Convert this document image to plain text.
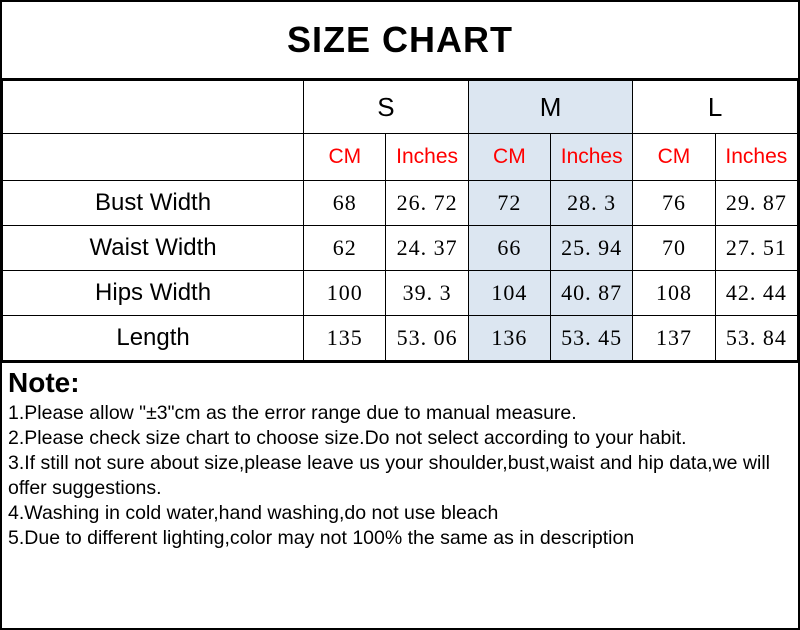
SIZE CHART
	S		M		L	
	CM	Inches	CM	Inches	CM	Inches
Bust Width	68	26. 72	72	28. 3	76	29. 87
Waist Width	62	24. 37	66	25. 94	70	27. 51
Hips Width	100	39. 3	104	40. 87	108	42. 44
Length	135	53. 06	136	53. 45	137	53. 84
Note:
1.Please allow "±3"cm as the error range due to manual measure.
2.Please check size chart to choose size.Do not select according to your habit.
3.If still not sure about size,please leave us your shoulder,bust,waist and hip data,we will offer suggestions.
4.Washing in cold water,hand washing,do not use bleach
5.Due to different lighting,color may not 100% the same as in description
